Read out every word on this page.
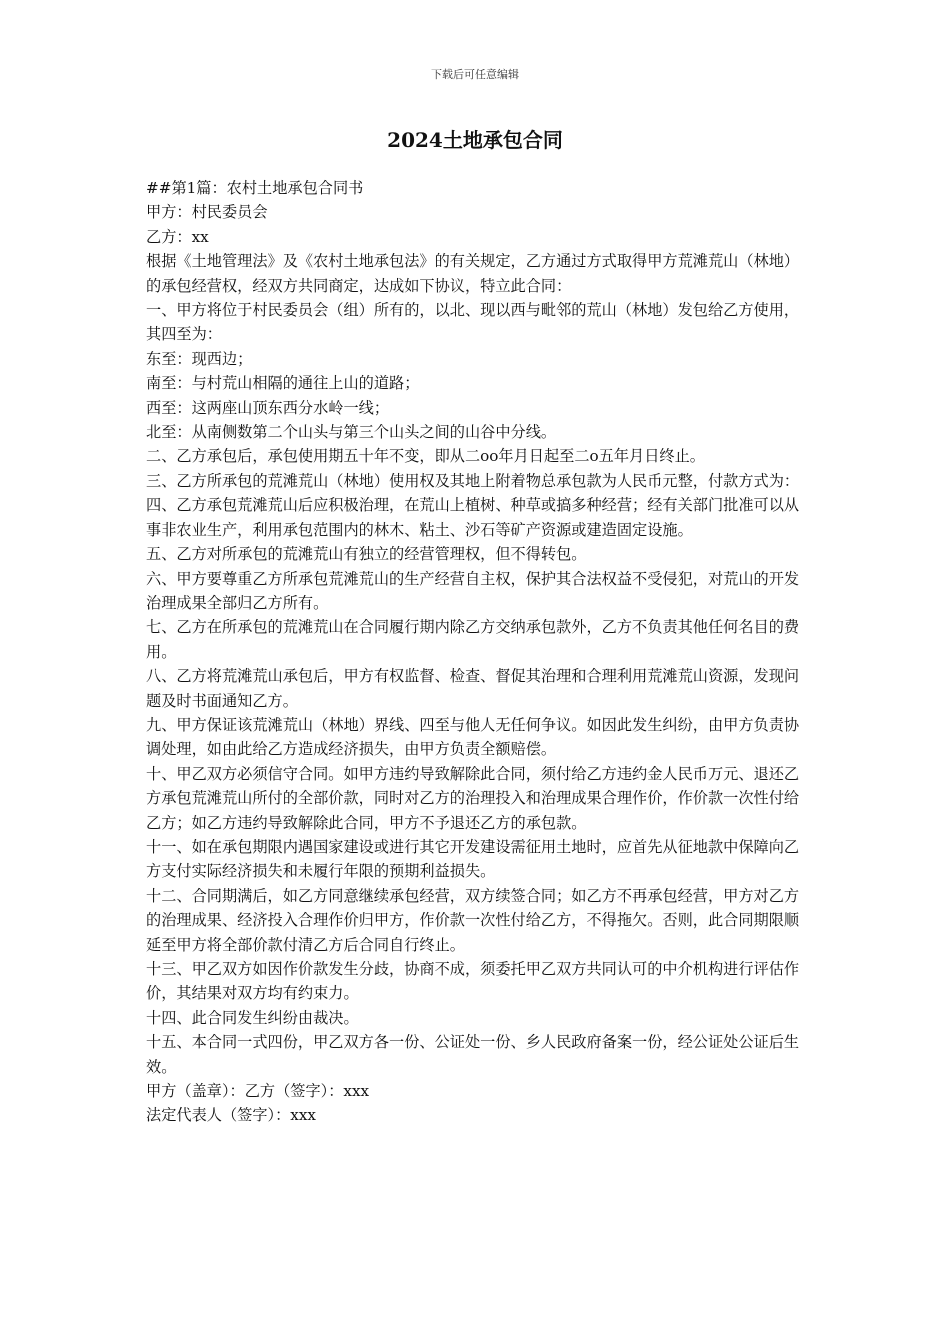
下载后可任意编辑
2024土地承包合同

##第1篇：农村土地承包合同书

甲方：村民委员会

乙方：xx

根据《土地管理法》及《农村土地承包法》的有关规定，乙方通过方式取得甲方荒滩荒山（林地）的承包经营权，经双方共同商定，达成如下协议，特立此合同：

一、甲方将位于村民委员会（组）所有的，以北、现以西与毗邻的荒山（林地）发包给乙方使用，其四至为：

东至：现西边；

南至：与村荒山相隔的通往上山的道路；

西至：这两座山顶东西分水岭一线；

北至：从南侧数第二个山头与第三个山头之间的山谷中分线。

二、乙方承包后，承包使用期五十年不变，即从二oo年月日起至二o五年月日终止。

三、乙方所承包的荒滩荒山（林地）使用权及其地上附着物总承包款为人民币元整，付款方式为：

四、乙方承包荒滩荒山后应积极治理，在荒山上植树、种草或搞多种经营；经有关部门批准可以从事非农业生产，利用承包范围内的林木、粘土、沙石等矿产资源或建造固定设施。

五、乙方对所承包的荒滩荒山有独立的经营管理权，但不得转包。

六、甲方要尊重乙方所承包荒滩荒山的生产经营自主权，保护其合法权益不受侵犯，对荒山的开发治理成果全部归乙方所有。

七、乙方在所承包的荒滩荒山在合同履行期内除乙方交纳承包款外，乙方不负责其他任何名目的费用。

八、乙方将荒滩荒山承包后，甲方有权监督、检查、督促其治理和合理利用荒滩荒山资源，发现问题及时书面通知乙方。

九、甲方保证该荒滩荒山（林地）界线、四至与他人无任何争议。如因此发生纠纷，由甲方负责协调处理，如由此给乙方造成经济损失，由甲方负责全额赔偿。

十、甲乙双方必须信守合同。如甲方违约导致解除此合同，须付给乙方违约金人民币万元、退还乙方承包荒滩荒山所付的全部价款，同时对乙方的治理投入和治理成果合理作价，作价款一次性付给乙方；如乙方违约导致解除此合同，甲方不予退还乙方的承包款。

十一、如在承包期限内遇国家建设或进行其它开发建设需征用土地时，应首先从征地款中保障向乙方支付实际经济损失和未履行年限的预期利益损失。

十二、合同期满后，如乙方同意继续承包经营，双方续签合同；如乙方不再承包经营，甲方对乙方的治理成果、经济投入合理作价归甲方，作价款一次性付给乙方，不得拖欠。否则，此合同期限顺延至甲方将全部价款付清乙方后合同自行终止。

十三、甲乙双方如因作价款发生分歧，协商不成，须委托甲乙双方共同认可的中介机构进行评估作价，其结果对双方均有约束力。

十四、此合同发生纠纷由裁决。

十五、本合同一式四份，甲乙双方各一份、公证处一份、乡人民政府备案一份，经公证处公证后生效。

甲方（盖章）：乙方（签字）：xxx

法定代表人（签字）：xxx
